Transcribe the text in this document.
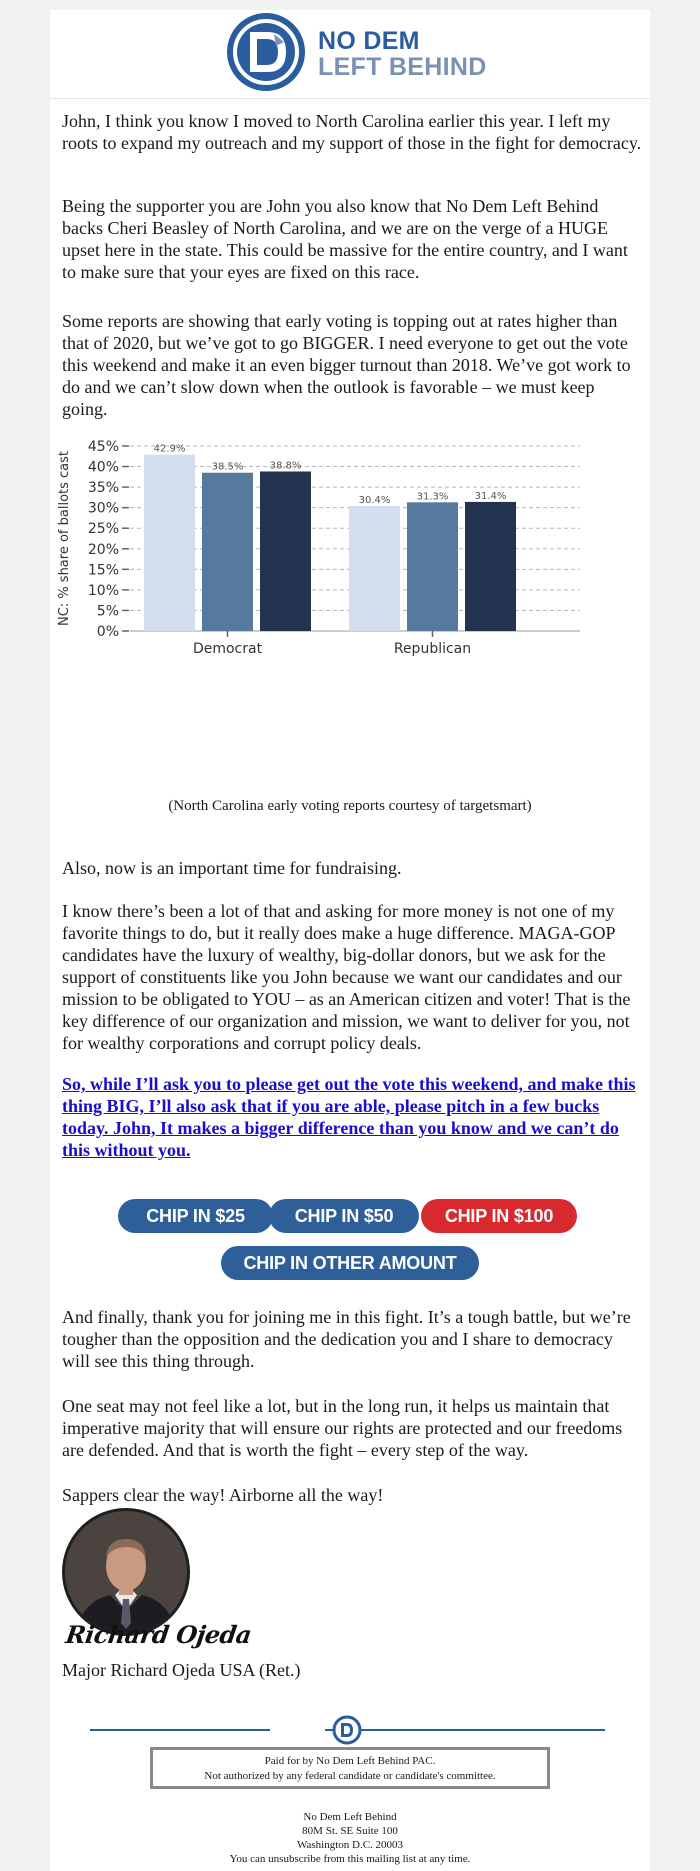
NO DEM
LEFT BEHIND
John, I think you know I moved to North Carolina earlier this year. I left my roots to expand my outreach and my support of those in the fight for democracy.
Being the supporter you are John you also know that No Dem Left Behind backs Cheri Beasley of North Carolina, and we are on the verge of a HUGE upset here in the state. This could be massive for the entire country, and I want to make sure that your eyes are fixed on this race.
Some reports are showing that early voting is topping out at rates higher than that of 2020, but we’ve got to go BIGGER. I need everyone to get out the vote this weekend and make it an even bigger turnout than 2018. We’ve got work to do and we can’t slow down when the outlook is favorable – we must keep going.
0%
5%
10%
15%
20%
25%
30%
35%
40%
45%
NC: % share of ballots cast
42.9%
38.5%	38.8%
Democrat
30.4%	31.3%	31.4%
Republican
(North Carolina early voting reports courtesy of targetsmart)
Also, now is an important time for fundraising.
I know there’s been a lot of that and asking for more money is not one of my favorite things to do, but it really does make a huge difference. MAGA-GOP candidates have the luxury of wealthy, big-dollar donors, but we ask for the support of constituents like you John because we want our candidates and our mission to be obligated to YOU – as an American citizen and voter! That is the key difference of our organization and mission, we want to deliver for you, not for wealthy corporations and corrupt policy deals.
So, while I’ll ask you to please get out the vote this weekend, and make this thing BIG, I’ll also ask that if you are able, please pitch in a few bucks today. John, It makes a bigger difference than you know and we can’t do this without you.
CHIP IN $25	CHIP IN $50	CHIP IN $100
CHIP IN OTHER AMOUNT
And finally, thank you for joining me in this fight. It’s a tough battle, but we’re tougher than the opposition and the dedication you and I share to democracy will see this thing through.
One seat may not feel like a lot, but in the long run, it helps us maintain that imperative majority that will ensure our rights are protected and our freedoms are defended. And that is worth the fight – every step of the way.
Sappers clear the way! Airborne all the way!
Richard Ojeda
Major Richard Ojeda USA (Ret.)
Paid for by No Dem Left Behind PAC.
Not authorized by any federal candidate or candidate's committee.
No Dem Left Behind
80M St. SE Suite 100
Washington D.C. 20003
You can unsubscribe from this mailing list at any time.
